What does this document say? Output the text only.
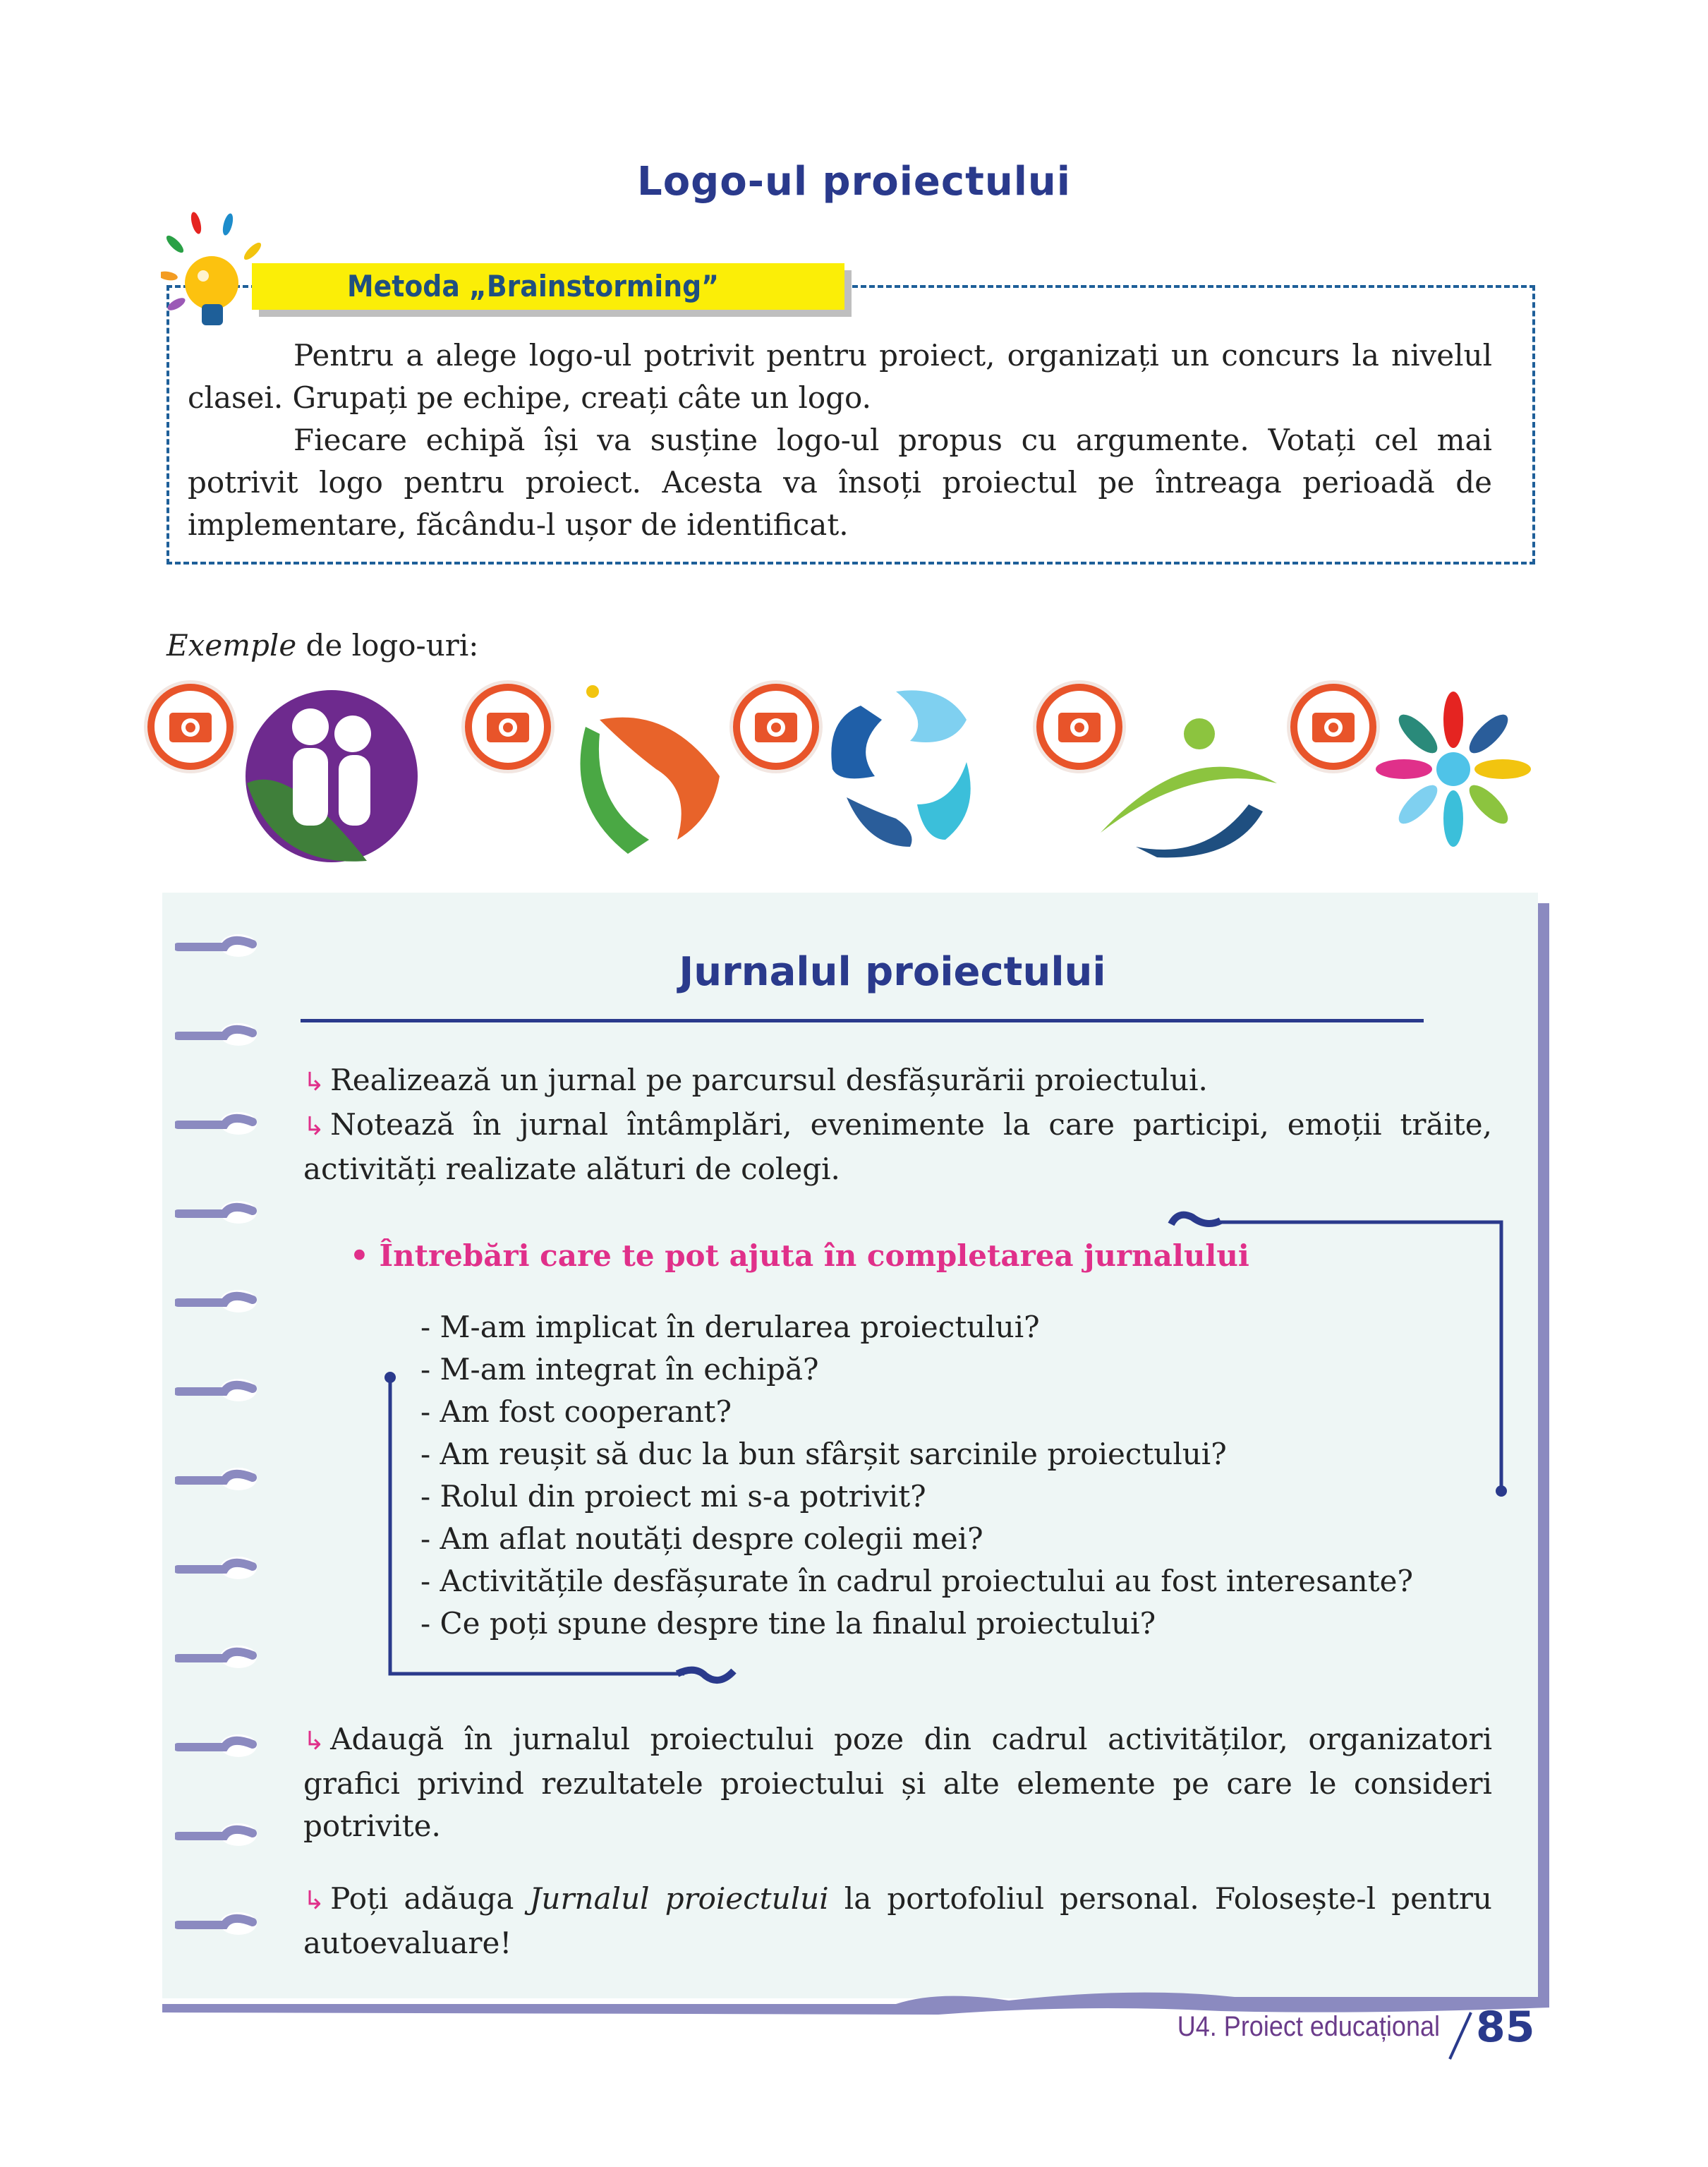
Logo-ul proiectului
Metoda „Brainstorming”

Pentru a alege logo-ul potrivit pentru proiect, organizați un concurs la nivelul clasei. Grupați pe echipe, creați câte un logo.

Fiecare echipă își va susține logo-ul propus cu argumente. Votați cel mai potrivit logo pentru proiect. Acesta va însoți proiectul pe întreaga perioadă de implementare, făcându-l ușor de identificat.

Exemple de logo-uri:
Jurnalul proiectului

↳ Realizează un jurnal pe parcursul desfășurării proiectului.

↳ Notează în jurnal întâmplări, evenimente la care participi, emoții trăite, activități realizate alături de colegi.

• Întrebări care te pot ajuta în completarea jurnalului
- M-am implicat în derularea proiectului?
- M-am integrat în echipă?
- Am fost cooperant?
- Am reușit să duc la bun sfârșit sarcinile proiectului?
- Rolul din proiect mi s-a potrivit?
- Am aflat noutăți despre colegii mei?
- Activitățile desfășurate în cadrul proiectului au fost interesante?
- Ce poți spune despre tine la finalul proiectului?

↳ Adaugă în jurnalul proiectului poze din cadrul activităților, organizatori grafici privind rezultatele proiectului și alte elemente pe care le consideri potrivite.

↳ Poți adăuga Jurnalul proiectului la portofoliul personal. Folosește-l pentru autoevaluare!

U4. Proiect educațional 85
